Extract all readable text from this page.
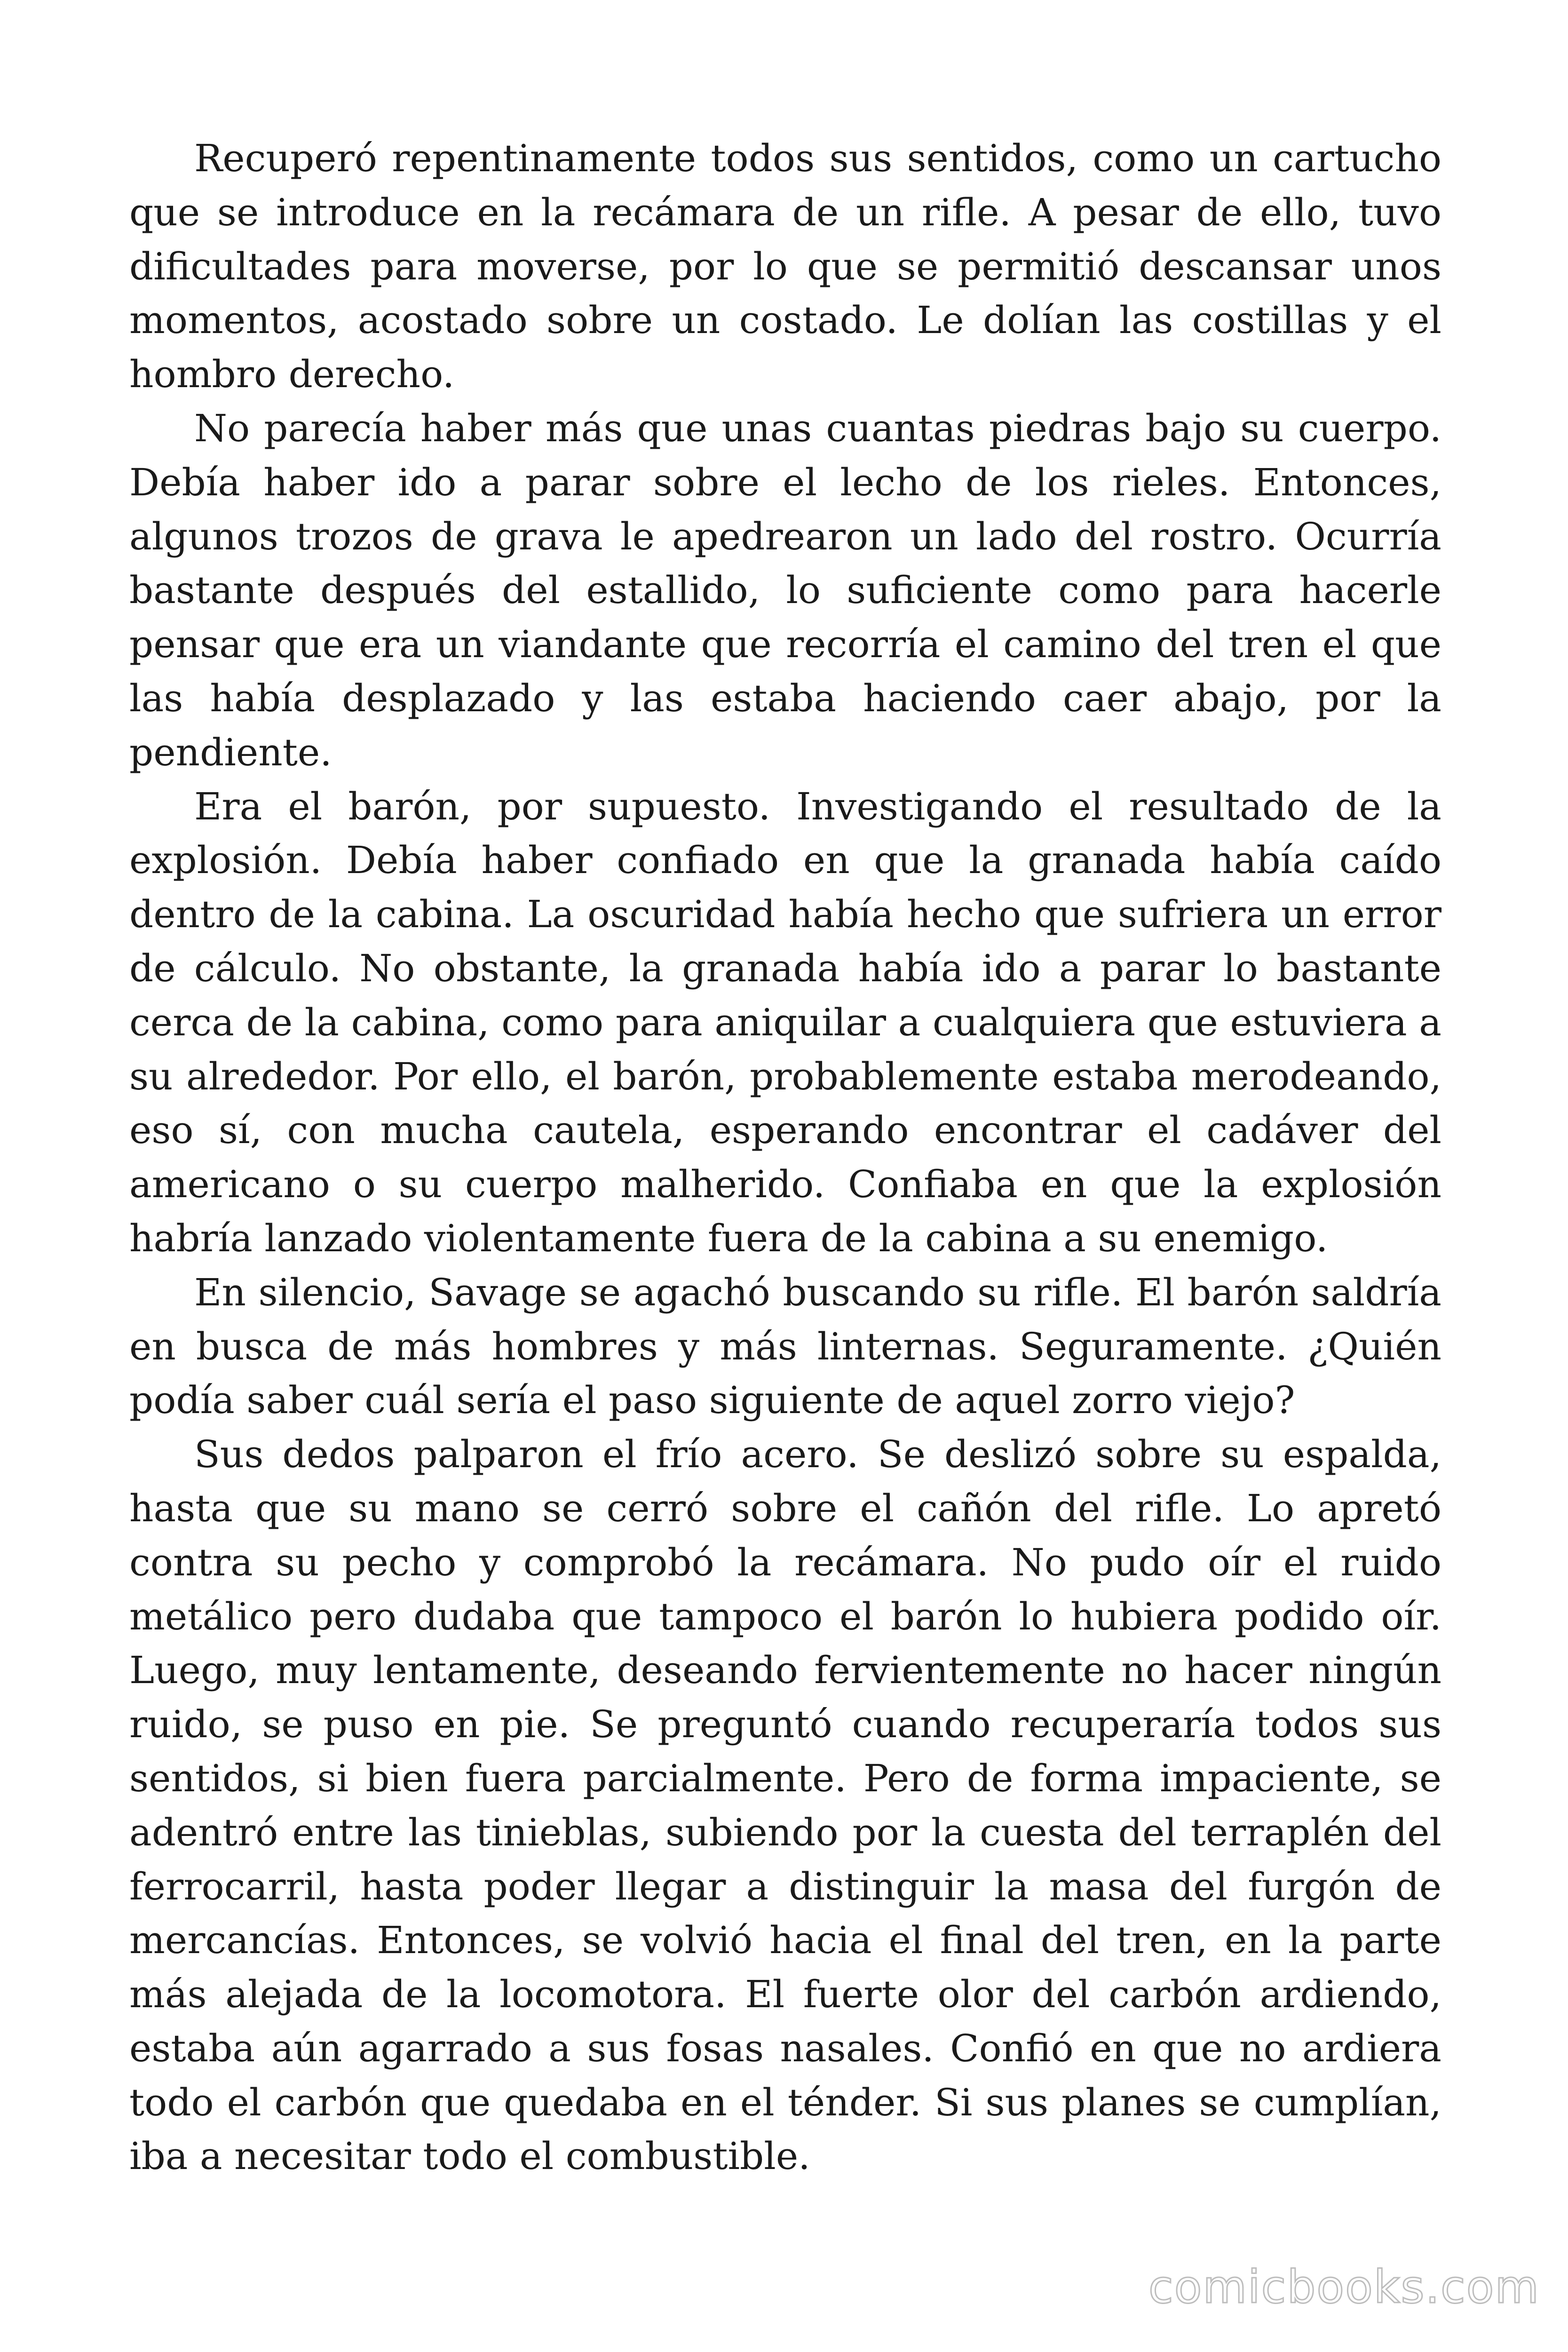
Recuperó repentinamente todos sus sentidos, como un cartucho que se introduce en la recámara de un rifle. A pesar de ello, tuvo dificultades para moverse, por lo que se permitió descansar unos momentos, acostado sobre un costado. Le dolían las costillas y el hombro derecho.

No parecía haber más que unas cuantas piedras bajo su cuerpo. Debía haber ido a parar sobre el lecho de los rieles. Entonces, algunos trozos de grava le apedrearon un lado del rostro. Ocurría bastante después del estallido, lo suficiente como para hacerle pensar que era un viandante que recorría el camino del tren el que las había desplazado y las estaba haciendo caer abajo, por la pendiente.

Era el barón, por supuesto. Investigando el resultado de la explosión. Debía haber confiado en que la granada había caído dentro de la cabina. La oscuridad había hecho que sufriera un error de cálculo. No obstante, la granada había ido a parar lo bastante cerca de la cabina, como para aniquilar a cualquiera que estuviera a su alrededor. Por ello, el barón, probablemente estaba merodeando, eso sí, con mucha cautela, esperando encontrar el cadáver del americano o su cuerpo malherido. Confiaba en que la explosión habría lanzado violentamente fuera de la cabina a su enemigo.

En silencio, Savage se agachó buscando su rifle. El barón saldría en busca de más hombres y más linternas. Seguramente. ¿Quién podía saber cuál sería el paso siguiente de aquel zorro viejo?

Sus dedos palparon el frío acero. Se deslizó sobre su espalda, hasta que su mano se cerró sobre el cañón del rifle. Lo apretó contra su pecho y comprobó la recámara. No pudo oír el ruido metálico pero dudaba que tampoco el barón lo hubiera podido oír. Luego, muy lentamente, deseando fervientemente no hacer ningún ruido, se puso en pie. Se preguntó cuando recuperaría todos sus sentidos, si bien fuera parcialmente. Pero de forma impaciente, se adentró entre las tinieblas, subiendo por la cuesta del terraplén del ferrocarril, hasta poder llegar a distinguir la masa del furgón de mercancías. Entonces, se volvió hacia el final del tren, en la parte más alejada de la locomotora. El fuerte olor del carbón ardiendo, estaba aún agarrado a sus fosas nasales. Confió en que no ardiera todo el carbón que quedaba en el ténder. Si sus planes se cumplían, iba a necesitar todo el combustible.

comicbooks.com
